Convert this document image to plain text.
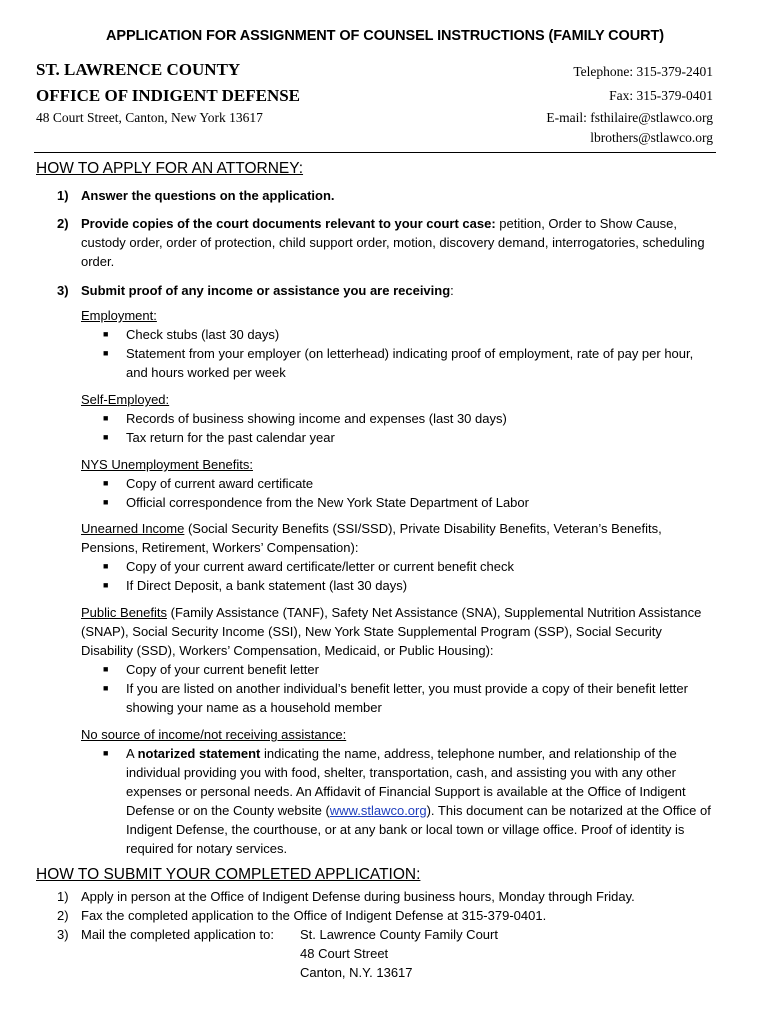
APPLICATION FOR ASSIGNMENT OF COUNSEL INSTRUCTIONS (FAMILY COURT)
ST. LAWRENCE COUNTY
OFFICE OF INDIGENT DEFENSE
48 Court Street, Canton, New York 13617
Telephone: 315-379-2401
Fax: 315-379-0401
E-mail: fsthilaire@stlawco.org
lbrothers@stlawco.org
HOW TO APPLY FOR AN ATTORNEY:
1) Answer the questions on the application.
2) Provide copies of the court documents relevant to your court case: petition, Order to Show Cause, custody order, order of protection, child support order, motion, discovery demand, interrogatories, scheduling order.
3) Submit proof of any income or assistance you are receiving:
Employment:
■ Check stubs (last 30 days)
■ Statement from your employer (on letterhead) indicating proof of employment, rate of pay per hour, and hours worked per week
Self-Employed:
■ Records of business showing income and expenses (last 30 days)
■ Tax return for the past calendar year
NYS Unemployment Benefits:
■ Copy of current award certificate
■ Official correspondence from the New York State Department of Labor
Unearned Income (Social Security Benefits (SSI/SSD), Private Disability Benefits, Veteran’s Benefits, Pensions, Retirement, Workers’ Compensation):
■ Copy of your current award certificate/letter or current benefit check
■ If Direct Deposit, a bank statement (last 30 days)
Public Benefits (Family Assistance (TANF), Safety Net Assistance (SNA), Supplemental Nutrition Assistance (SNAP), Social Security Income (SSI), New York State Supplemental Program (SSP), Social Security Disability (SSD), Workers’ Compensation, Medicaid, or Public Housing):
■ Copy of your current benefit letter
■ If you are listed on another individual’s benefit letter, you must provide a copy of their benefit letter showing your name as a household member
No source of income/not receiving assistance:
■ A notarized statement indicating the name, address, telephone number, and relationship of the individual providing you with food, shelter, transportation, cash, and assisting you with any other expenses or personal needs. An Affidavit of Financial Support is available at the Office of Indigent Defense or on the County website (www.stlawco.org). This document can be notarized at the Office of Indigent Defense, the courthouse, or at any bank or local town or village office. Proof of identity is required for notary services.
HOW TO SUBMIT YOUR COMPLETED APPLICATION:
1) Apply in person at the Office of Indigent Defense during business hours, Monday through Friday.
2) Fax the completed application to the Office of Indigent Defense at 315-379-0401.
3) Mail the completed application to:	St. Lawrence County Family Court
48 Court Street
Canton, N.Y. 13617
